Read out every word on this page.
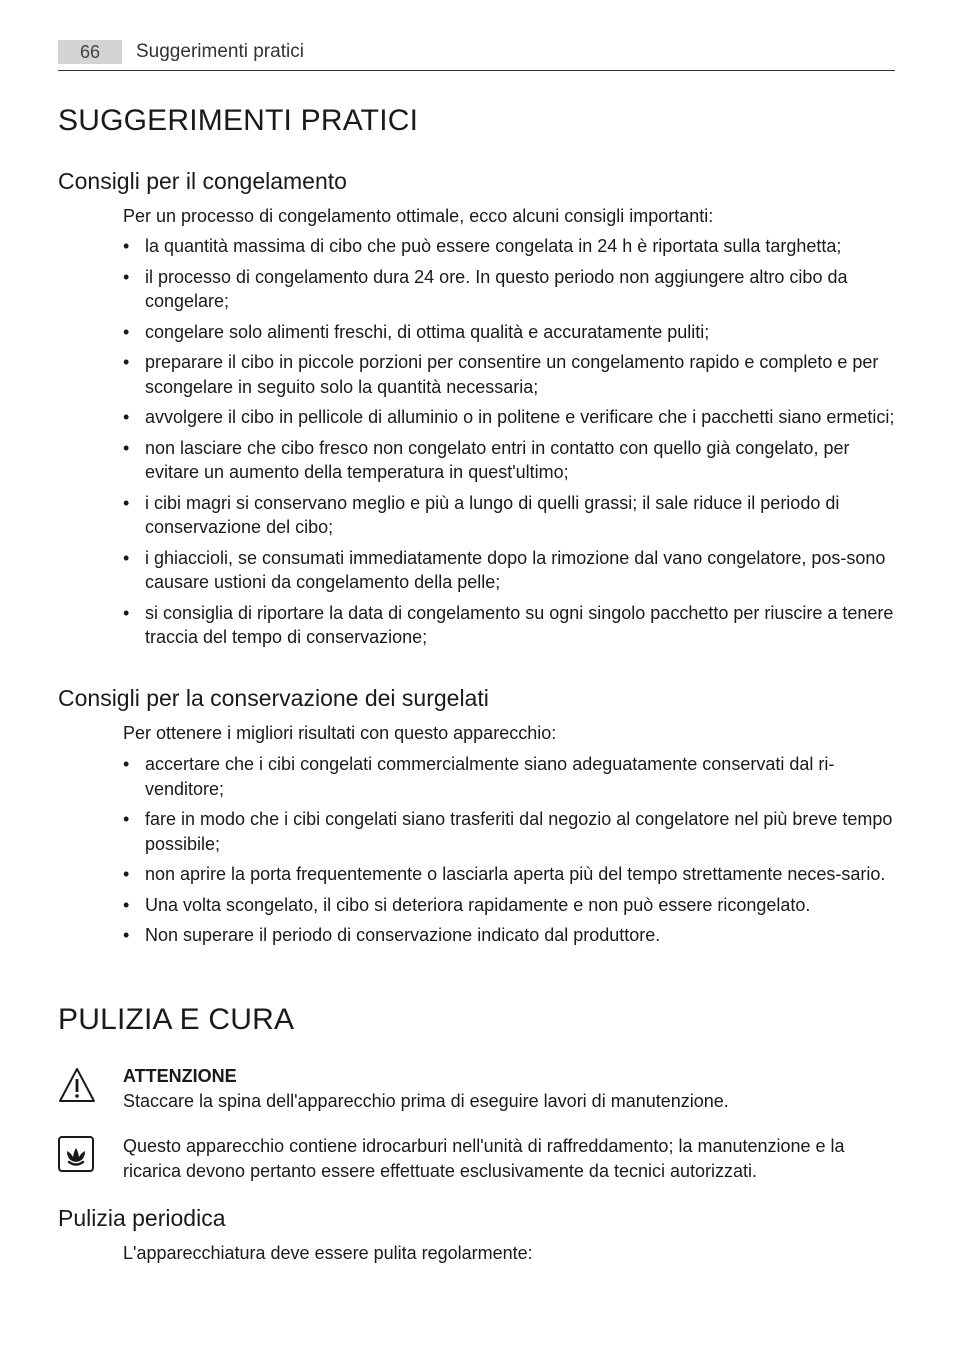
66	Suggerimenti pratici
SUGGERIMENTI PRATICI
Consigli per il congelamento

Per un processo di congelamento ottimale, ecco alcuni consigli importanti:

• la quantità massima di cibo che può essere congelata in 24 h è riportata sulla targhetta;
• il processo di congelamento dura 24 ore. In questo periodo non aggiungere altro cibo da congelare;
• congelare solo alimenti freschi, di ottima qualità e accuratamente puliti;
• preparare il cibo in piccole porzioni per consentire un congelamento rapido e completo e per scongelare in seguito solo la quantità necessaria;
• avvolgere il cibo in pellicole di alluminio o in politene e verificare che i pacchetti siano ermetici;
• non lasciare che cibo fresco non congelato entri in contatto con quello già congelato, per evitare un aumento della temperatura in quest'ultimo;
• i cibi magri si conservano meglio e più a lungo di quelli grassi; il sale riduce il periodo di conservazione del cibo;
• i ghiaccioli, se consumati immediatamente dopo la rimozione dal vano congelatore, pos-sono causare ustioni da congelamento della pelle;
• si consiglia di riportare la data di congelamento su ogni singolo pacchetto per riuscire a tenere traccia del tempo di conservazione;
Consigli per la conservazione dei surgelati

Per ottenere i migliori risultati con questo apparecchio:

• accertare che i cibi congelati commercialmente siano adeguatamente conservati dal ri-venditore;
• fare in modo che i cibi congelati siano trasferiti dal negozio al congelatore nel più breve tempo possibile;
• non aprire la porta frequentemente o lasciarla aperta più del tempo strettamente neces-sario.
• Una volta scongelato, il cibo si deteriora rapidamente e non può essere ricongelato.
• Non superare il periodo di conservazione indicato dal produttore.
PULIZIA E CURA
ATTENZIONE
Staccare la spina dell'apparecchio prima di eseguire lavori di manutenzione.
Questo apparecchio contiene idrocarburi nell'unità di raffreddamento; la manutenzione e la ricarica devono pertanto essere effettuate esclusivamente da tecnici autorizzati.
Pulizia periodica

L'apparecchiatura deve essere pulita regolarmente:
